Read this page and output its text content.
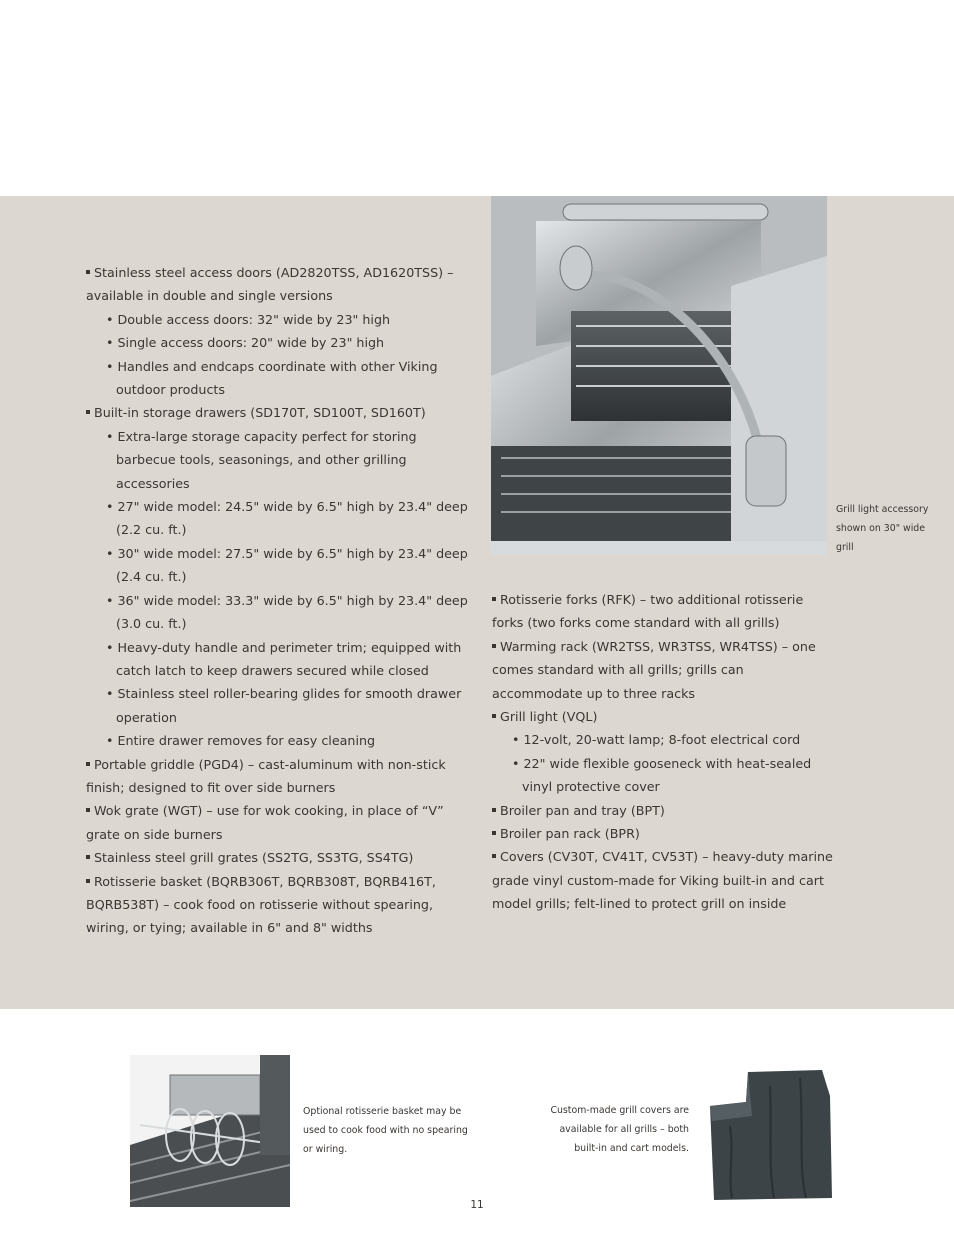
Grill light accessory shown on 30" wide grill

Stainless steel access doors (AD2820TSS, AD1620TSS) – available in double and single versions

• Double access doors: 32" wide by 23" high

• Single access doors: 20" wide by 23" high

• Handles and endcaps coordinate with other Viking outdoor products

Built-in storage drawers (SD170T, SD100T, SD160T)

• Extra-large storage capacity perfect for storing barbecue tools, seasonings, and other grilling accessories

• 27" wide model: 24.5" wide by 6.5" high by 23.4" deep (2.2 cu. ft.)

• 30" wide model: 27.5" wide by 6.5" high by 23.4" deep (2.4 cu. ft.)

• 36" wide model: 33.3" wide by 6.5" high by 23.4" deep (3.0 cu. ft.)

• Heavy-duty handle and perimeter trim; equipped with catch latch to keep drawers secured while closed

• Stainless steel roller-bearing glides for smooth drawer operation

• Entire drawer removes for easy cleaning

Portable griddle (PGD4) – cast-aluminum with non-stick finish; designed to fit over side burners

Wok grate (WGT) – use for wok cooking, in place of “V” grate on side burners

Stainless steel grill grates (SS2TG, SS3TG, SS4TG)

Rotisserie basket (BQRB306T, BQRB308T, BQRB416T, BQRB538T) – cook food on rotisserie without spearing, wiring, or tying; available in 6" and 8" widths

Rotisserie forks (RFK) – two additional rotisserie forks (two forks come standard with all grills)

Warming rack (WR2TSS, WR3TSS, WR4TSS) – one comes standard with all grills; grills can accommodate up to three racks

Grill light (VQL)

• 12-volt, 20-watt lamp; 8-foot electrical cord

• 22" wide flexible gooseneck with heat-sealed vinyl protective cover

Broiler pan and tray (BPT)

Broiler pan rack (BPR)

Covers (CV30T, CV41T, CV53T) – heavy-duty marine grade vinyl custom-made for Viking built-in and cart model grills; felt-lined to protect grill on inside

Optional rotisserie basket may be used to cook food with no spearing or wiring.
Custom-made grill covers are available for all grills – both built-in and cart models.
11
